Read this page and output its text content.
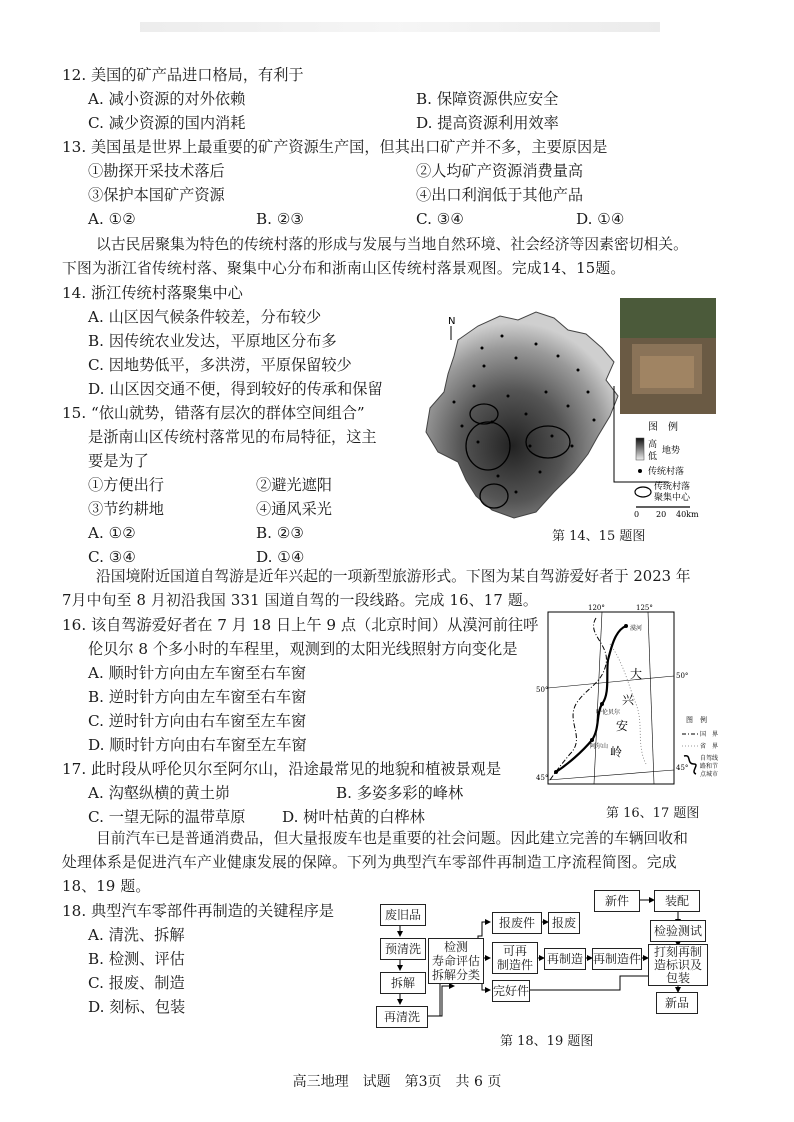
12. 美国的矿产品进口格局，有利于
A. 减小资源的对外依赖	B. 保障资源供应安全
C. 减少资源的国内消耗	D. 提高资源利用效率
13. 美国虽是世界上最重要的矿产资源生产国，但其出口矿产并不多，主要原因是
①勘探开采技术落后	②人均矿产资源消费量高
③保护本国矿产资源	④出口利润低于其他产品
A. ①②	B. ②③	C. ③④	D. ①④
以古民居聚集为特色的传统村落的形成与发展与当地自然环境、社会经济等因素密切相关。
下图为浙江省传统村落、聚集中心分布和浙南山区传统村落景观图。完成14、15题。
14. 浙江传统村落聚集中心
A. 山区因气候条件较差，分布较少
B. 因传统农业发达，平原地区分布多
C. 因地势低平，多洪涝，平原保留较少
D. 山区因交通不便，得到较好的传承和保留
15. “依山就势，错落有层次的群体空间组合”
是浙南山区传统村落常见的布局特征，这主
要是为了
①方便出行	②避光遮阳
③节约耕地	④通风采光
A. ①②	B. ②③
C. ③④	D. ①④
N
图　例
高
低
地势
传统村落
传统村落
聚集中心
0 20 40km
第 14、15 题图
沿国境附近国道自驾游是近年兴起的一项新型旅游形式。下图为某自驾游爱好者于 2023 年
7月中旬至 8 月初沿我国 331 国道自驾的一段线路。完成 16、17 题。
16. 该自驾游爱好者在 7 月 18 日上午 9 点（北京时间）从漠河前往呼
伦贝尔 8 个多小时的车程里，观测到的太阳光线照射方向变化是
A. 顺时针方向由左车窗至右车窗
B. 逆时针方向由左车窗至右车窗
C. 逆时针方向由右车窗至左车窗
D. 顺时针方向由右车窗至左车窗
17. 此时段从呼伦贝尔至阿尔山，沿途最常见的地貌和植被景观是
A. 沟壑纵横的黄土峁	B. 多姿多彩的峰林
C. 一望无际的温带草原 D. 树叶枯黄的白桦林
120°	125°
50°
45°
50°
45°
漠河
呼伦贝尔
阿尔山
大
兴
安
岭
图　例
国　界
省　界
自驾线
路和节
点城市
第 16、17 题图
目前汽车已是普通消费品，但大量报废车也是重要的社会问题。因此建立完善的车辆回收和
处理体系是促进汽车产业健康发展的保障。下列为典型汽车零部件再制造工序流程简图。完成
18、19 题。
18. 典型汽车零部件再制造的关键程序是
A. 清洗、拆解
B. 检测、评估
C. 报废、制造
D. 刻标、包装
废旧品
预清洗
拆解
再清洗
检测
寿命评估
拆解分类
报废件	报废
可再
制造件 再制造 再制造件
完好件
新件	装配
检验测试
打刻再制
造标识及
包装
新品
第 18、19 题图
高三地理　试题　第3页　共 6 页
